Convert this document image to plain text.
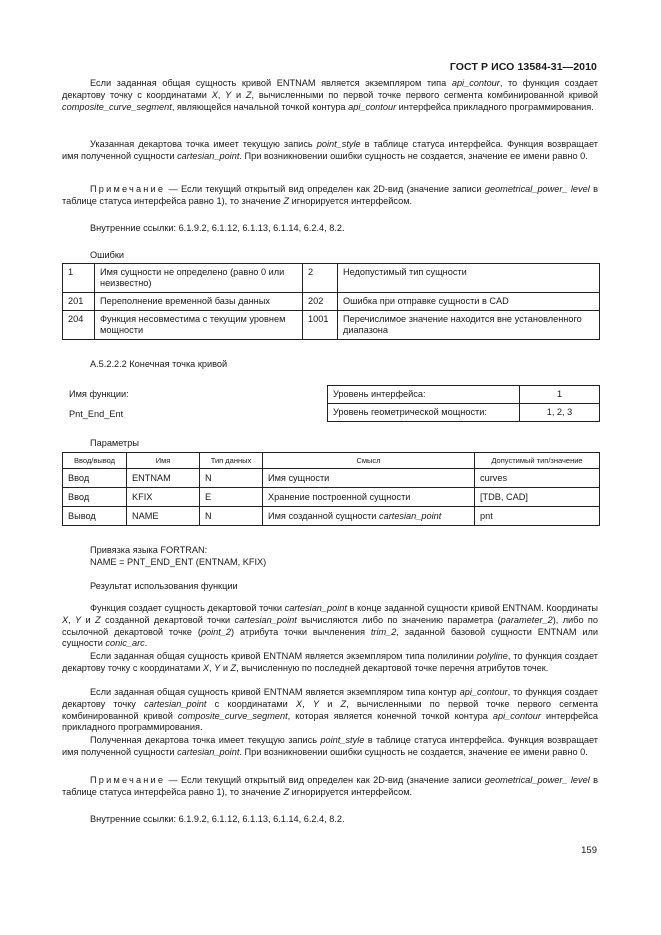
ГОСТ Р ИСО 13584-31—2010
Если заданная общая сущность кривой ENTNAM является экземпляром типа api_contour, то функция создает декартову точку с координатами X, Y и Z, вычисленными по первой точке первого сегмента комбинированной кривой composite_curve_segment, являющейся начальной точкой контура api_contour интерфейса прикладного программирования.
Указанная декартова точка имеет текущую запись point_style в таблице статуса интерфейса. Функция возвращает имя полученной сущности cartesian_point. При возникновении ошибки сущность не создается, значение ее имени равно 0.
Примечание — Если текущий открытый вид определен как 2D-вид (значение записи geometrical_power_ level в таблице статуса интерфейса равно 1), то значение Z игнорируется интерфейсом.
Внутренние ссылки: 6.1.9.2, 6.1.12, 6.1.13, 6.1.14, 6.2.4, 8.2.
Ошибки
1	Имя сущности не определено (равно 0 или неизвестно)	2	Недопустимый тип сущности
201	Переполнение временной базы данных	202	Ошибка при отправке сущности в CAD
204	Функция несовместима с текущим уровнем мощности	1001	Перечислимое значение находится вне установленного диапазона
А.5.2.2.2 Конечная точка кривой
Имя функции:
Pnt_End_Ent
Уровень интерфейса:	1
Уровень геометрической мощности:	1, 2, 3
Параметры
Ввод/вывод	Имя	Тип данных	Смысл	Допустимый тип/значение
Ввод	ENTNAM	N	Имя сущности	curves
Ввод	KFIX	E	Хранение построенной сущности	[TDB, CAD]
Вывод	NAME	N	Имя созданной сущности cartesian_point	pnt
Привязка языка FORTRAN:
NAME = PNT_END_ENT (ENTNAM, KFIX)
Результат использования функции
Функция создает сущность декартовой точки cartesian_point в конце заданной сущности кривой ENTNAM. Координаты X, Y и Z созданной декартовой точки cartesian_point вычисляются либо по значению параметра (parameter_2), либо по ссылочной декартовой точке (point_2) атрибута точки вычленения trim_2, заданной базовой сущности ENTNAM или сущности conic_arc.
Если заданная общая сущность кривой ENTNAM является экземпляром типа полилинии polyline, то функция создает декартову точку с координатами X, Y и Z, вычисленную по последней декартовой точке перечня атрибутов точек.
Если заданная общая сущность кривой ENTNAM является экземпляром типа контур api_contour, то функция создает декартову точку cartesian_point с координатами X, Y и Z, вычисленными по первой точке первого сегмента комбинированной кривой composite_curve_segment, которая является конечной точкой контура api_contour интерфейса прикладного программирования.
Полученная декартова точка имеет текущую запись point_style в таблице статуса интерфейса. Функция возвращает имя полученной сущности cartesian_point. При возникновении ошибки сущность не создается, значение ее имени равно 0.
Примечание — Если текущий открытый вид определен как 2D-вид (значение записи geometrical_power_ level в таблице статуса интерфейса равно 1), то значение Z игнорируется интерфейсом.
Внутренние ссылки: 6.1.9.2, 6.1.12, 6.1.13, 6.1.14, 6.2.4, 8.2.
159
